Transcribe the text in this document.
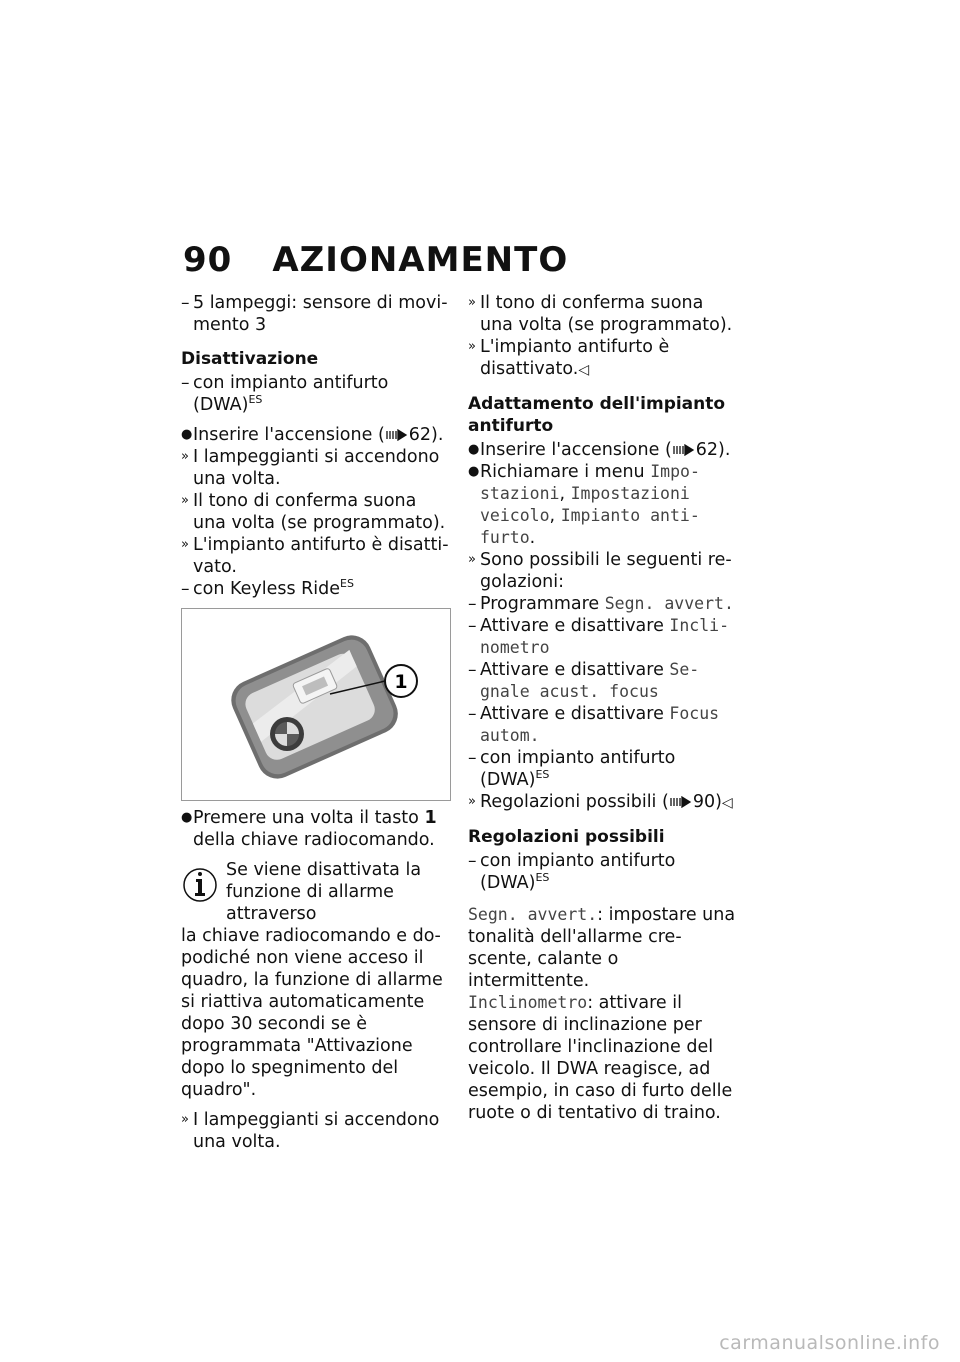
90 AZIONAMENTO
– 5 lampeggi: sensore di movimento 3
Disattivazione
– con impianto antifurto (DWA)$^{ES}$
● Inserire l'accensione ( 62).
» I lampeggianti si accendono una volta.
» Il tono di conferma suona una volta (se programmato).
» L'impianto antifurto è disattivato.
– con Keyless Ride$^{ES}$
1
● Premere una volta il tasto 1 della chiave radiocomando.
Se viene disattivata la funzione di allarme attraverso
la chiave radiocomando e dopodiché non viene acceso il quadro, la funzione di allarme si riattiva automaticamente dopo 30 secondi se è programmata "Attivazione dopo lo spegnimento del quadro".
» I lampeggianti si accendono una volta.
» Il tono di conferma suona una volta (se programmato).
» L'impianto antifurto è disattivato.◁
Adattamento dell'impianto antifurto
● Inserire l'accensione ( 62).
● Richiamare i menu Impostazioni, Impostazioni veicolo, Impianto antifurto.
» Sono possibili le seguenti regolazioni:
– Programmare Segn. avvert.
– Attivare e disattivare Inclinometro
– Attivare e disattivare Segnale acust. focus
– Attivare e disattivare Focus autom.
– con impianto antifurto (DWA)$^{ES}$
» Regolazioni possibili ( 90)◁
Regolazioni possibili
– con impianto antifurto (DWA)$^{ES}$
Segn. avvert.: impostare una tonalità dell'allarme crescente, calante o intermittente.
Inclinometro: attivare il sensore di inclinazione per controllare l'inclinazione del veicolo. Il DWA reagisce, ad esempio, in caso di furto delle ruote o di tentativo di traino.
carmanualsonline.info
